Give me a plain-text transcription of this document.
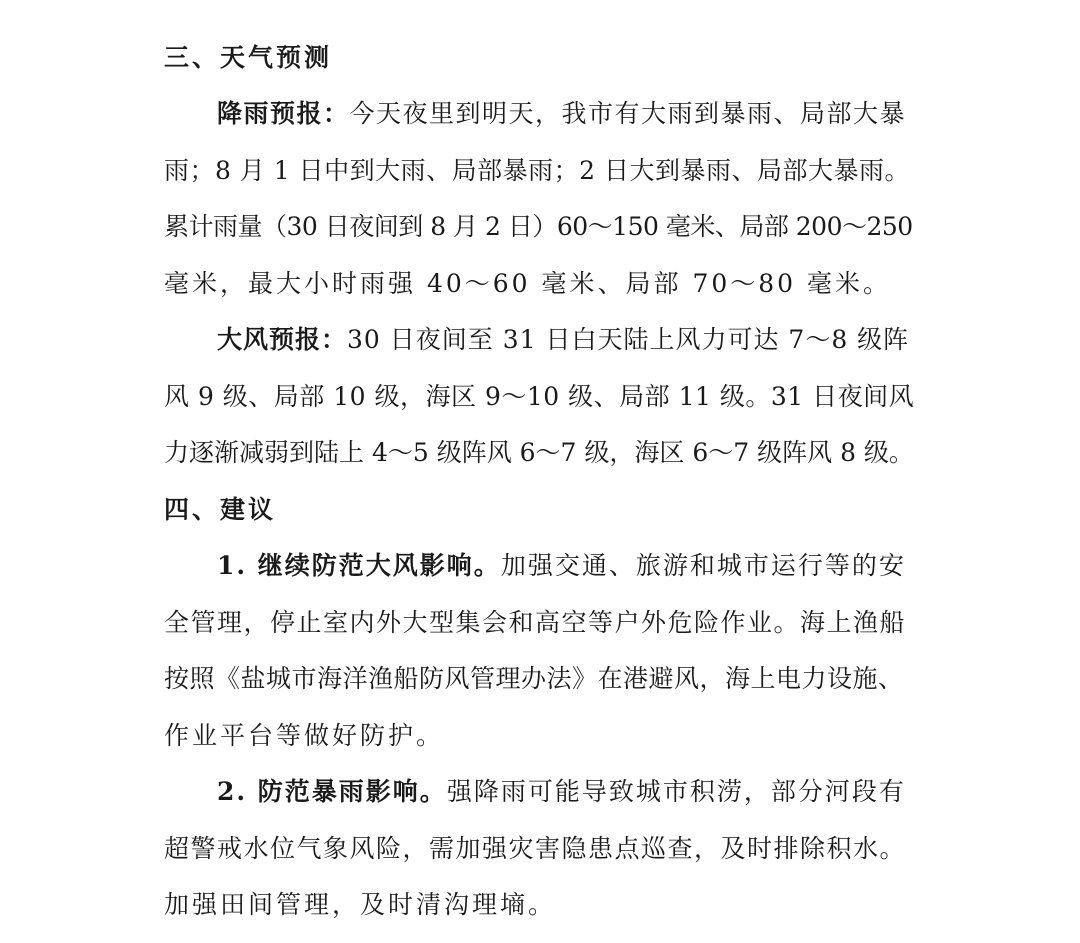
三、天气预测
降雨预报：今天夜里到明天，我市有大雨到暴雨、局部大暴
雨；8 月 1 日中到大雨、局部暴雨；2 日大到暴雨、局部大暴雨。
累计雨量（30 日夜间到 8 月 2 日）60～150 毫米、局部 200～250
毫米，最大小时雨强 40～60 毫米、局部 70～80 毫米。
大风预报：30 日夜间至 31 日白天陆上风力可达 7～8 级阵
风 9 级、局部 10 级，海区 9～10 级、局部 11 级。31 日夜间风
力逐渐减弱到陆上 4～5 级阵风 6～7 级，海区 6～7 级阵风 8 级。
四、建议
1. 继续防范大风影响。加强交通、旅游和城市运行等的安
全管理，停止室内外大型集会和高空等户外危险作业。海上渔船
按照《盐城市海洋渔船防风管理办法》在港避风，海上电力设施、
作业平台等做好防护。
2. 防范暴雨影响。强降雨可能导致城市积涝，部分河段有
超警戒水位气象风险，需加强灾害隐患点巡查，及时排除积水。
加强田间管理，及时清沟理墒。
